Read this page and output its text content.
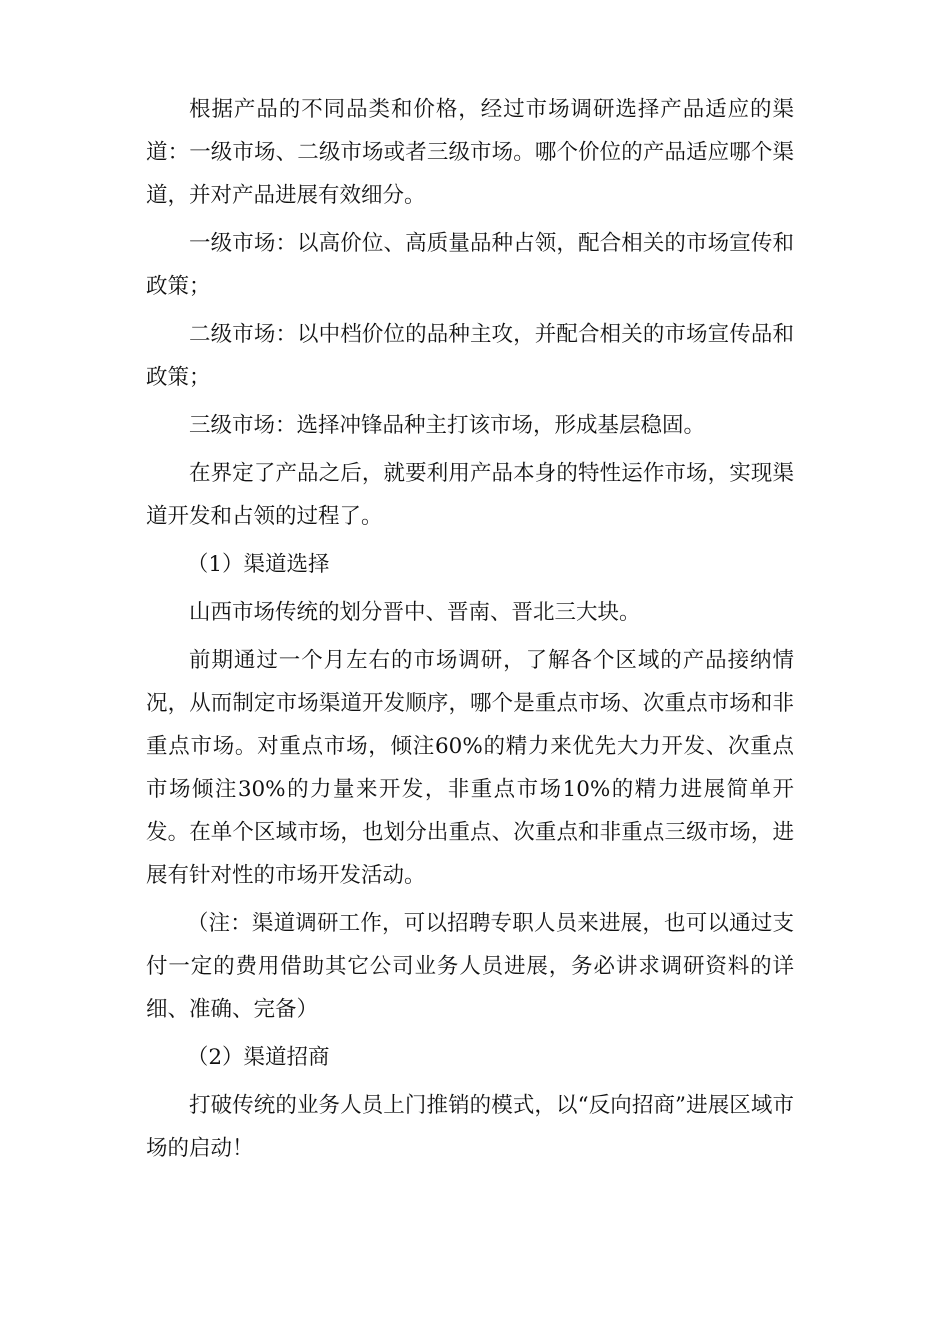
根据产品的不同品类和价格，经过市场调研选择产品适应的渠道：一级市场、二级市场或者三级市场。哪个价位的产品适应哪个渠道，并对产品进展有效细分。

一级市场：以高价位、高质量品种占领，配合相关的市场宣传和政策；

二级市场：以中档价位的品种主攻，并配合相关的市场宣传品和政策；

三级市场：选择冲锋品种主打该市场，形成基层稳固。

在界定了产品之后，就要利用产品本身的特性运作市场，实现渠道开发和占领的过程了。

（1）渠道选择

山西市场传统的划分晋中、晋南、晋北三大块。

前期通过一个月左右的市场调研，了解各个区域的产品接纳情况，从而制定市场渠道开发顺序，哪个是重点市场、次重点市场和非重点市场。对重点市场，倾注60%的精力来优先大力开发、次重点市场倾注30%的力量来开发，非重点市场10%的精力进展简单开发。在单个区域市场，也划分出重点、次重点和非重点三级市场，进展有针对性的市场开发活动。

（注：渠道调研工作，可以招聘专职人员来进展，也可以通过支付一定的费用借助其它公司业务人员进展，务必讲求调研资料的详细、准确、完备）

（2）渠道招商

打破传统的业务人员上门推销的模式，以“反向招商”进展区域市场的启动！
